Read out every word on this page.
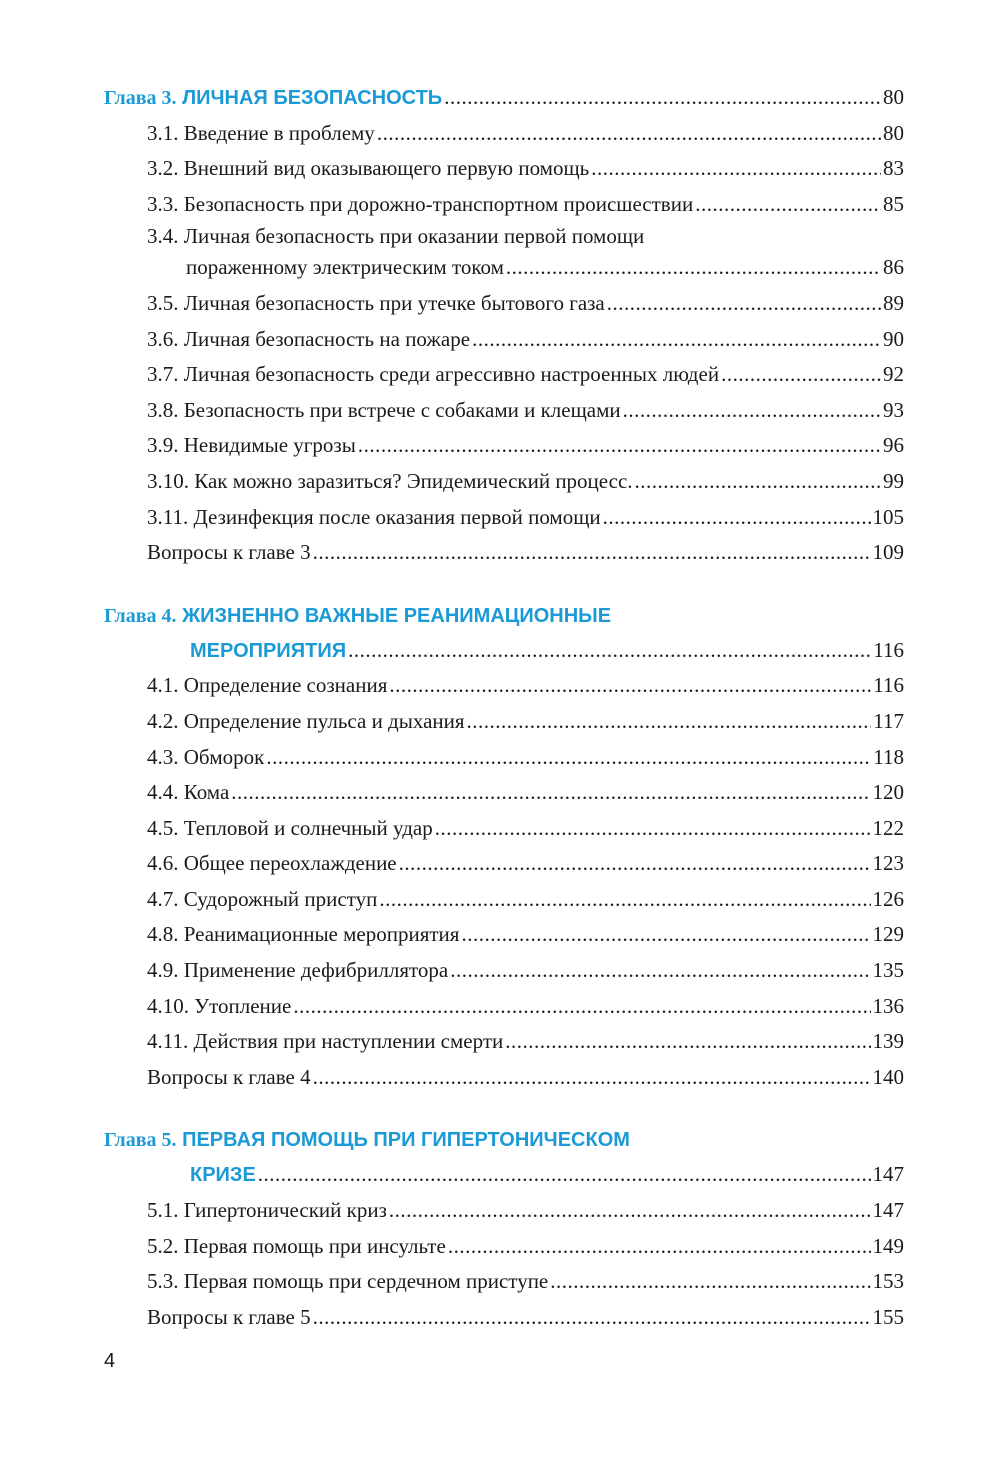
Глава 3. ЛИЧНАЯ БЕЗОПАСНОСТЬ .....	80
3.1. Введение в проблему .....	80
3.2. Внешний вид оказывающего первую помощь .....	83
3.3. Безопасность при дорожно-транспортном происшествии .....	85
3.4. Личная безопасность при оказании первой помощи
пораженному электрическим током .....	86
3.5. Личная безопасность при утечке бытового газа .....	89
3.6. Личная безопасность на пожаре .....	90
3.7. Личная безопасность среди агрессивно настроенных людей .....	92
3.8. Безопасность при встрече с собаками и клещами .....	93
3.9. Невидимые угрозы .....	96
3.10. Как можно заразиться? Эпидемический процесс. .....	99
3.11. Дезинфекция после оказания первой помощи .....	105
Вопросы к главе 3 .....	109
Глава 4. ЖИЗНЕННО ВАЖНЫЕ РЕАНИМАЦИОННЫЕ
МЕРОПРИЯТИЯ .....	116
4.1. Определение сознания .....	116
4.2. Определение пульса и дыхания .....	117
4.3. Обморок .....	118
4.4. Кома .....	120
4.5. Тепловой и солнечный удар .....	122
4.6. Общее переохлаждение .....	123
4.7. Судорожный приступ .....	126
4.8. Реанимационные мероприятия .....	129
4.9. Применение дефибриллятора .....	135
4.10. Утопление .....	136
4.11. Действия при наступлении смерти .....	139
Вопросы к главе 4 .....	140
Глава 5. ПЕРВАЯ ПОМОЩЬ ПРИ ГИПЕРТОНИЧЕСКОМ
КРИЗЕ .....	147
5.1. Гипертонический криз .....	147
5.2. Первая помощь при инсульте .....	149
5.3. Первая помощь при сердечном приступе .....	153
Вопросы к главе 5 .....	155
4
